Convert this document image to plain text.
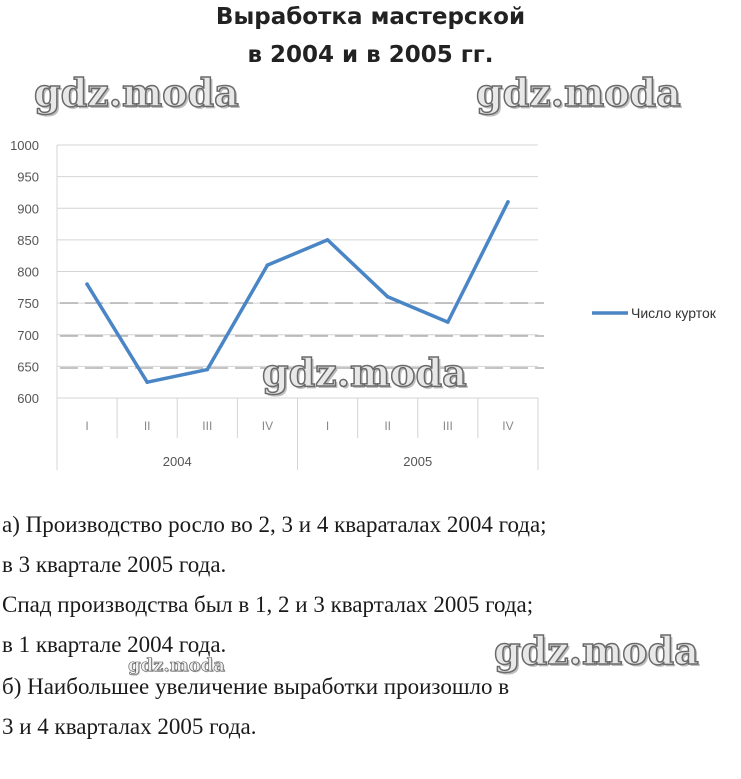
Выработка мастерской
в 2004 и в 2005 гг.
1000
950
900
850
800
750
700
650
600
2004	2005
I	II	III	IV	I	II	III	IV
Число курток
а) Производство росло во 2, 3 и 4 квараталах 2004 года;
в 3 квартале 2005 года.
Спад производства был в 1, 2 и 3 кварталах 2005 года;
в 1 квартале 2004 года.
б) Наибольшее увеличение выработки произошло в
3 и 4 кварталах 2005 года.
gdz.moda	gdz.moda
gdz.moda
gdz.moda
gdz.moda
